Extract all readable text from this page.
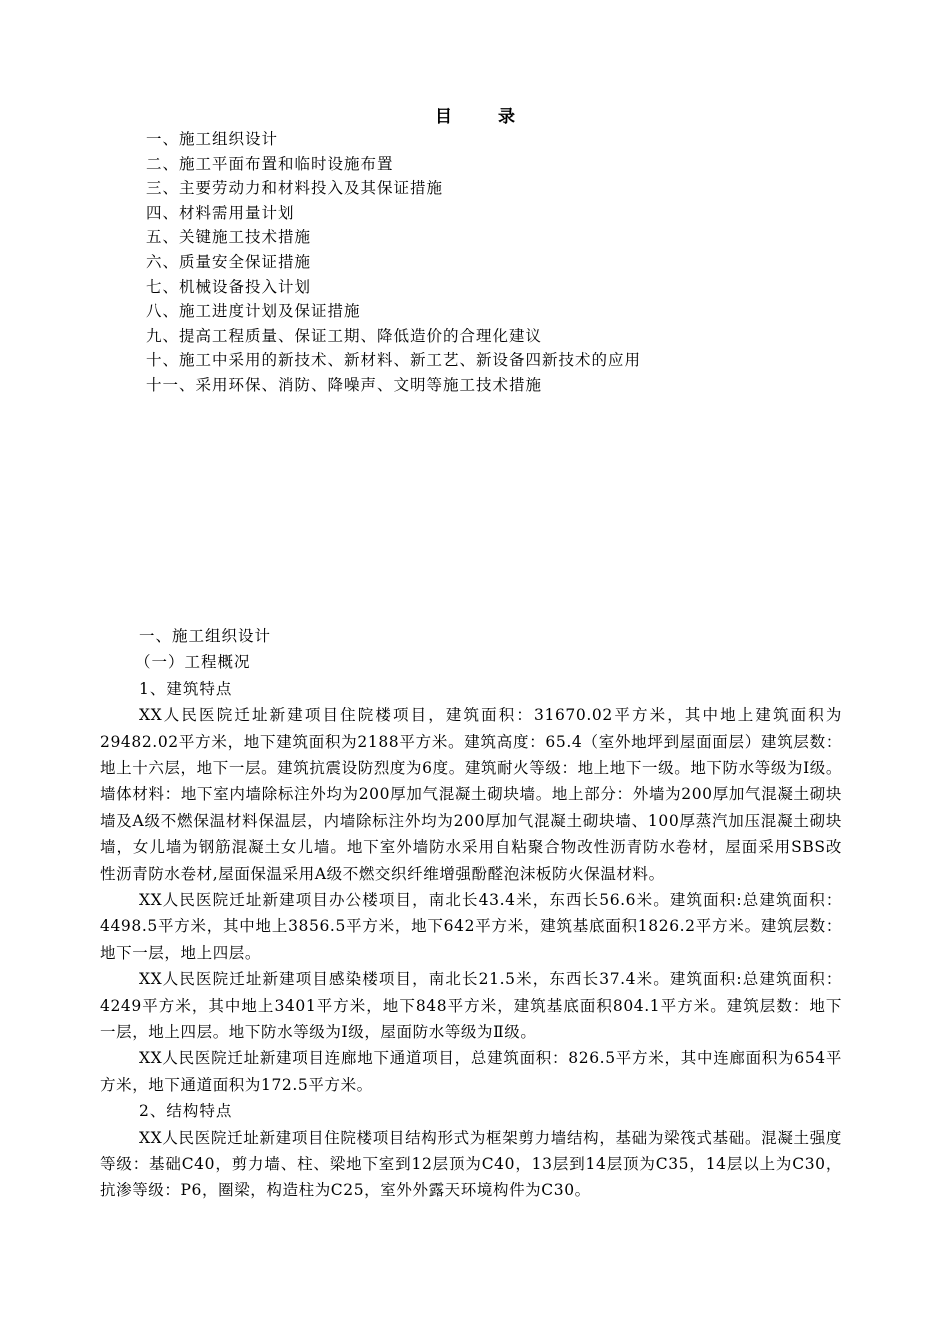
目 录
一、施工组织设计
二、施工平面布置和临时设施布置
三、主要劳动力和材料投入及其保证措施
四、材料需用量计划
五、关键施工技术措施
六、质量安全保证措施
七、机械设备投入计划
八、施工进度计划及保证措施
九、提高工程质量、保证工期、降低造价的合理化建议
十、施工中采用的新技术、新材料、新工艺、新设备四新技术的应用
十一、采用环保、消防、降噪声、文明等施工技术措施
一、施工组织设计
（一）工程概况
1、建筑特点

XX人民医院迁址新建项目住院楼项目，建筑面积：31670.02平方米，其中地上建筑面积为29482.02平方米，地下建筑面积为2188平方米。建筑高度：65.4（室外地坪到屋面面层）建筑层数：地上十六层，地下一层。建筑抗震设防烈度为6度。建筑耐火等级：地上地下一级。地下防水等级为Ⅰ级。墙体材料：地下室内墙除标注外均为200厚加气混凝土砌块墙。地上部分：外墙为200厚加气混凝土砌块墙及A级不燃保温材料保温层，内墙除标注外均为200厚加气混凝土砌块墙、100厚蒸汽加压混凝土砌块墙，女儿墙为钢筋混凝土女儿墙。地下室外墙防水采用自粘聚合物改性沥青防水卷材，屋面采用SBS改性沥青防水卷材,屋面保温采用A级不燃交织纤维增强酚醛泡沫板防火保温材料。

XX人民医院迁址新建项目办公楼项目，南北长43.4米，东西长56.6米。建筑面积:总建筑面积：4498.5平方米，其中地上3856.5平方米，地下642平方米，建筑基底面积1826.2平方米。建筑层数：地下一层，地上四层。

XX人民医院迁址新建项目感染楼项目，南北长21.5米，东西长37.4米。建筑面积:总建筑面积：4249平方米，其中地上3401平方米，地下848平方米，建筑基底面积804.1平方米。建筑层数：地下一层，地上四层。地下防水等级为Ⅰ级，屋面防水等级为Ⅱ级。

XX人民医院迁址新建项目连廊地下通道项目，总建筑面积：826.5平方米，其中连廊面积为654平方米，地下通道面积为172.5平方米。

2、结构特点

XX人民医院迁址新建项目住院楼项目结构形式为框架剪力墙结构，基础为梁筏式基础。混凝土强度等级：基础C40，剪力墙、柱、梁地下室到12层顶为C40，13层到14层顶为C35，14层以上为C30，抗渗等级：P6，圈梁，构造柱为C25，室外外露天环境构件为C30。
